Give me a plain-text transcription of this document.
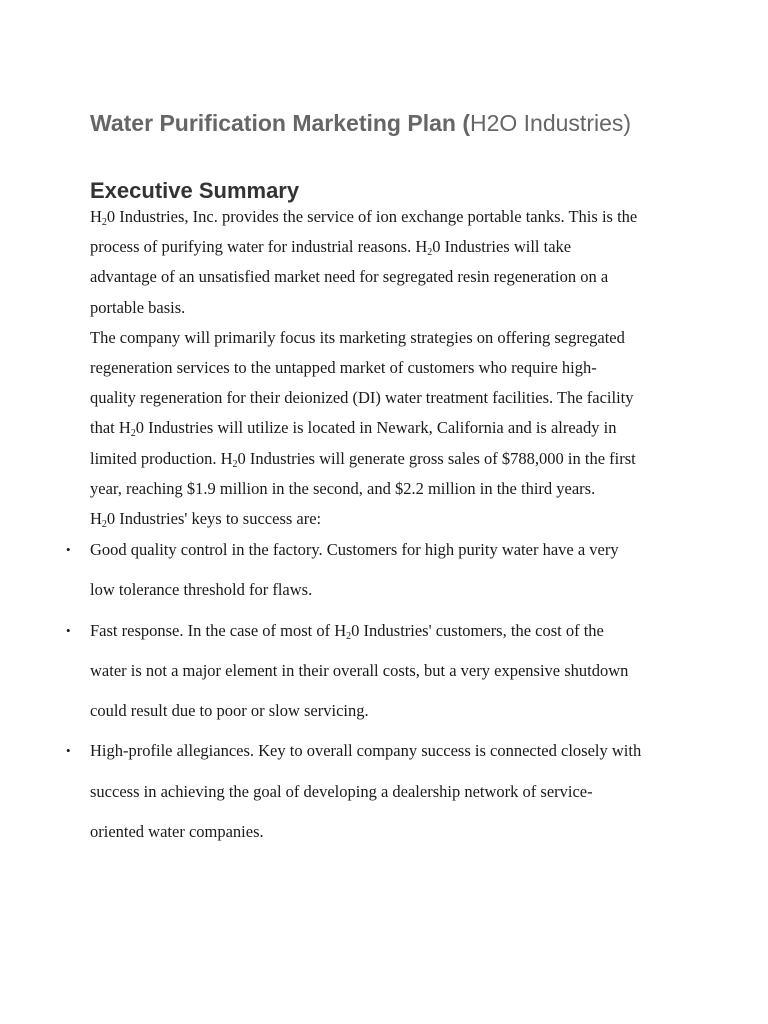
Water Purification Marketing Plan (H2O Industries)
Executive Summary
$H_20$ Industries, Inc. provides the service of ion exchange portable tanks. This is the
process of purifying water for industrial reasons. $H_20$ Industries will take
advantage of an unsatisfied market need for segregated resin regeneration on a
portable basis.
The company will primarily focus its marketing strategies on offering segregated
regeneration services to the untapped market of customers who require high-
quality regeneration for their deionized (DI) water treatment facilities. The facility
that $H_20$ Industries will utilize is located in Newark, California and is already in
limited production. $H_20$ Industries will generate gross sales of $788,000 in the first
year, reaching $1.9 million in the second, and $2.2 million in the third years.
$H_20$ Industries' keys to success are:
• Good quality control in the factory. Customers for high purity water have a very
low tolerance threshold for flaws.
• Fast response. In the case of most of $H_20$ Industries' customers, the cost of the
water is not a major element in their overall costs, but a very expensive shutdown
could result due to poor or slow servicing.
• High-profile allegiances. Key to overall company success is connected closely with
success in achieving the goal of developing a dealership network of service-
oriented water companies.
